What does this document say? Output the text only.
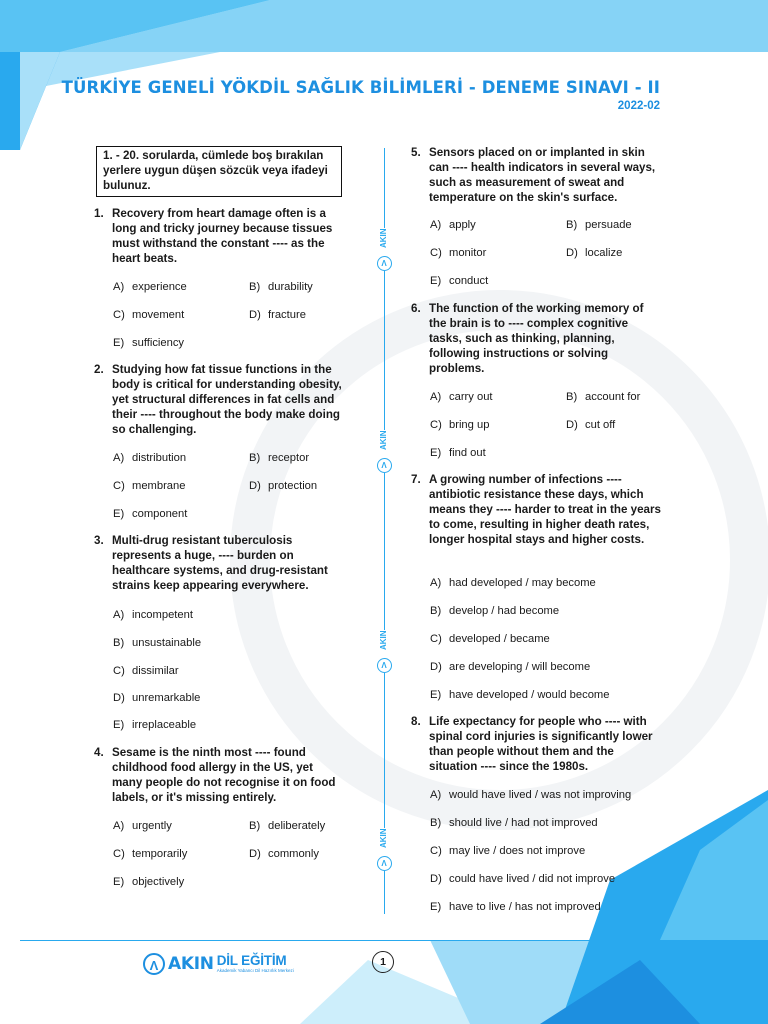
TÜRKİYE GENELİ YÖKDİL SAĞLIK BİLİMLERİ - DENEME SINAVI - II
2022-02
1. - 20. sorularda, cümlede boş bırakılan yerlere uygun düşen sözcük veya ifadeyi bulunuz.
1. Recovery from heart damage often is a long and tricky journey because tissues must withstand the constant ---- as the heart beats.
A) experience	B) durability
C) movement	D) fracture
E) sufficiency
2. Studying how fat tissue functions in the body is critical for understanding obesity, yet structural differences in fat cells and their ---- throughout the body make doing so challenging.
A) distribution	B) receptor
C) membrane	D) protection
E) component
3. Multi-drug resistant tuberculosis represents a huge, ---- burden on healthcare systems, and drug-resistant strains keep appearing everywhere.
A) incompetent
B) unsustainable
C) dissimilar
D) unremarkable
E) irreplaceable
4. Sesame is the ninth most ---- found childhood food allergy in the US, yet many people do not recognise it on food labels, or it's missing entirely.
A) urgently	B) deliberately
C) temporarily	D) commonly
E) objectively
AKIN
Λ
AKIN
Λ
AKIN
Λ
AKIN
Λ
5. Sensors placed on or implanted in skin can ---- health indicators in several ways, such as measurement of sweat and temperature on the skin's surface.
A) apply	B) persuade
C) monitor	D) localize
E) conduct
6. The function of the working memory of the brain is to ---- complex cognitive tasks, such as thinking, planning, following instructions or solving problems.
A) carry out	B) account for
C) bring up	D) cut off
E) find out
7. A growing number of infections ---- antibiotic resistance these days, which means they ---- harder to treat in the years to come, resulting in higher death rates, longer hospital stays and higher costs.
A) had developed / may become
B) develop / had become
C) developed / became
D) are developing / will become
E) have developed / would become
8. Life expectancy for people who ---- with spinal cord injuries is significantly lower than people without them and the situation ---- since the 1980s.
A) would have lived / was not improving
B) should live / had not improved
C) may live / does not improve
D) could have lived / did not improve
E) have to live / has not improved
Λ AKIN DİL EĞİTİM
Akademik Yabancı Dil Hazırlık Merkezi
1
